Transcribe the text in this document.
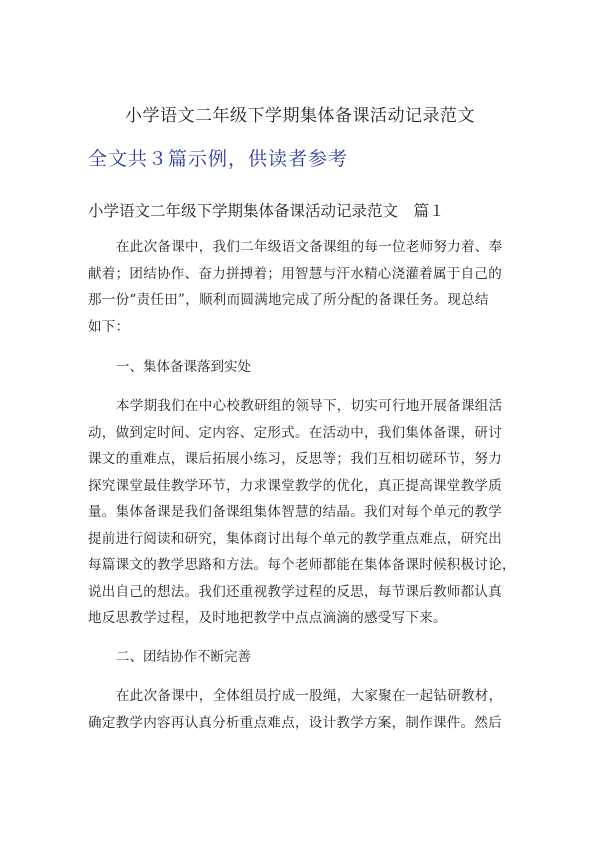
小学语文二年级下学期集体备课活动记录范文
全文共３篇示例，供读者参考
小学语文二年级下学期集体备课活动记录范文　篇１
在此次备课中，我们二年级语文备课组的每一位老师努力着、奉
献着；团结协作、奋力拼搏着；用智慧与汗水精心浇灌着属于自己的
那一份“责任田”，顺利而圆满地完成了所分配的备课任务。现总结
如下：
一、集体备课落到实处
本学期我们在中心校教研组的领导下，切实可行地开展备课组活
动，做到定时间、定内容、定形式。在活动中，我们集体备课，研讨
课文的重难点，课后拓展小练习，反思等；我们互相切磋环节，努力
探究课堂最佳教学环节，力求课堂教学的优化，真正提高课堂教学质
量。集体备课是我们备课组集体智慧的结晶。我们对每个单元的教学
提前进行阅读和研究，集体商讨出每个单元的教学重点难点，研究出
每篇课文的教学思路和方法。每个老师都能在集体备课时候积极讨论，
说出自己的想法。我们还重视教学过程的反思，每节课后教师都认真
地反思教学过程，及时地把教学中点点滴滴的感受写下来。
二、团结协作不断完善
在此次备课中，全体组员拧成一股绳，大家聚在一起钻研教材，
确定教学内容再认真分析重点难点，设计教学方案，制作课件。然后
